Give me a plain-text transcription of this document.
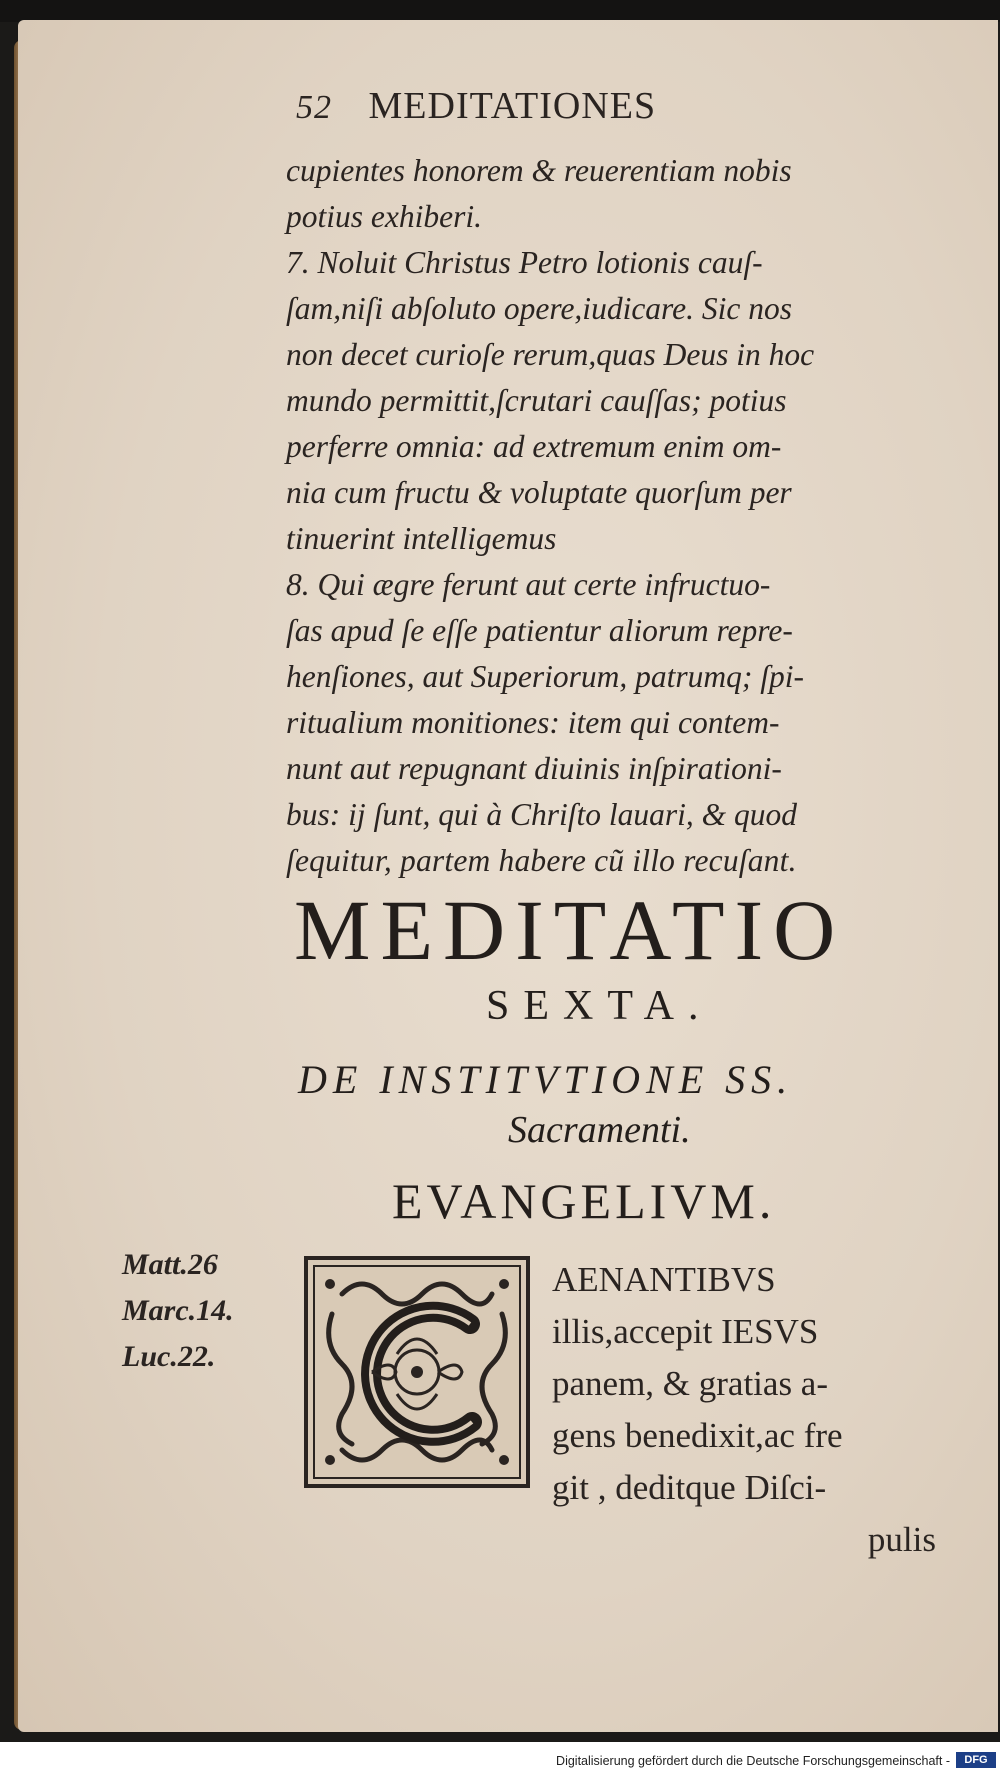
52 MEDITATIONES
cupientes honorem & reuerentiam nobis
potius exhiberi.
7. Noluit Christus Petro lotionis cauſ-
ſam,niſi abſoluto opere,iudicare. Sic nos
non decet curioſe rerum,quas Deus in hoc
mundo permittit,ſcrutari cauſſas; potius
perferre omnia: ad extremum enim om-
nia cum fructu & voluptate quorſum per
tinuerint intelligemus
8. Qui ægre ferunt aut certe infructuo-
ſas apud ſe eſſe patientur aliorum repre-
henſiones, aut Superiorum, patrumq; ſpi-
ritualium monitiones: item qui contem-
nunt aut repugnant diuinis inſpirationi-
bus: ij ſunt, qui à Chriſto lauari, & quod
ſequitur, partem habere cũ illo recuſant.
MEDITATIO
SEXTA.
DE INSTITVTIONE SS.
Sacramenti.
EVANGELIVM.
Matt.26
Marc.14.
Luc.22.
AENANTIBVS
illis,accepit IESVS
panem, & gratias a-
gens benedixit,ac fre
git , deditque Diſci-
pulis
Digitalisierung gefördert durch die Deutsche Forschungsgemeinschaft -	DFG
